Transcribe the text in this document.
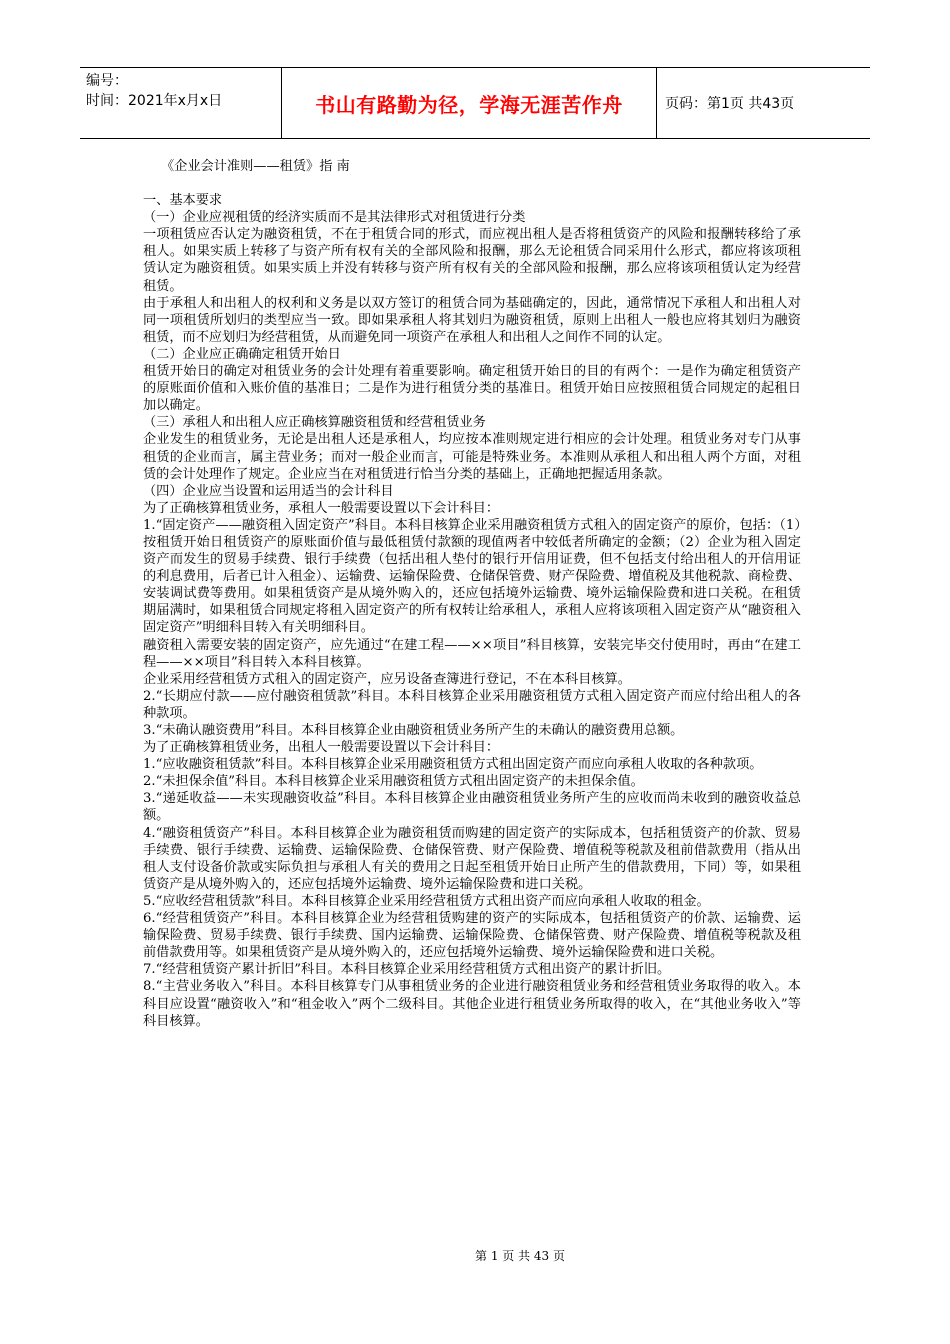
编号：
时间：2021年x月x日	书山有路勤为径，学海无涯苦作舟	页码：第1页 共43页

《企业会计准则——租赁》指 南

一、基本要求

（一）企业应视租赁的经济实质而不是其法律形式对租赁进行分类

一项租赁应否认定为融资租赁，不在于租赁合同的形式，而应视出租人是否将租赁资产的风险和报酬转移给了承租人。如果实质上转移了与资产所有权有关的全部风险和报酬，那么无论租赁合同采用什么形式，都应将该项租赁认定为融资租赁。如果实质上并没有转移与资产所有权有关的全部风险和报酬，那么应将该项租赁认定为经营租赁。

由于承租人和出租人的权利和义务是以双方签订的租赁合同为基础确定的，因此，通常情况下承租人和出租人对同一项租赁所划归的类型应当一致。即如果承租人将其划归为融资租赁，原则上出租人一般也应将其划归为融资租赁，而不应划归为经营租赁，从而避免同一项资产在承租人和出租人之间作不同的认定。

（二）企业应正确确定租赁开始日

租赁开始日的确定对租赁业务的会计处理有着重要影响。确定租赁开始日的目的有两个：一是作为确定租赁资产的原账面价值和入账价值的基准日；二是作为进行租赁分类的基准日。租赁开始日应按照租赁合同规定的起租日加以确定。

（三）承租人和出租人应正确核算融资租赁和经营租赁业务

企业发生的租赁业务，无论是出租人还是承租人，均应按本准则规定进行相应的会计处理。租赁业务对专门从事租赁的企业而言，属主营业务；而对一般企业而言，可能是特殊业务。本准则从承租人和出租人两个方面，对租赁的会计处理作了规定。企业应当在对租赁进行恰当分类的基础上，正确地把握适用条款。

（四）企业应当设置和运用适当的会计科目

为了正确核算租赁业务，承租人一般需要设置以下会计科目：

1.“固定资产——融资租入固定资产”科目。本科目核算企业采用融资租赁方式租入的固定资产的原价，包括：（1）按租赁开始日租赁资产的原账面价值与最低租赁付款额的现值两者中较低者所确定的金额；（2）企业为租入固定资产而发生的贸易手续费、银行手续费（包括出租人垫付的银行开信用证费，但不包括支付给出租人的开信用证的利息费用，后者已计入租金）、运输费、运输保险费、仓储保管费、财产保险费、增值税及其他税款、商检费、安装调试费等费用。如果租赁资产是从境外购入的，还应包括境外运输费、境外运输保险费和进口关税。在租赁期届满时，如果租赁合同规定将租入固定资产的所有权转让给承租人，承租人应将该项租入固定资产从“融资租入固定资产”明细科目转入有关明细科目。

融资租入需要安装的固定资产，应先通过“在建工程——××项目”科目核算，安装完毕交付使用时，再由“在建工程——××项目”科目转入本科目核算。

企业采用经营租赁方式租入的固定资产，应另设备查簿进行登记，不在本科目核算。

2.“长期应付款——应付融资租赁款”科目。本科目核算企业采用融资租赁方式租入固定资产而应付给出租人的各种款项。

3.“未确认融资费用”科目。本科目核算企业由融资租赁业务所产生的未确认的融资费用总额。

为了正确核算租赁业务，出租人一般需要设置以下会计科目：

1.“应收融资租赁款”科目。本科目核算企业采用融资租赁方式租出固定资产而应向承租人收取的各种款项。

2.“未担保余值”科目。本科目核算企业采用融资租赁方式租出固定资产的未担保余值。

3.“递延收益——未实现融资收益”科目。本科目核算企业由融资租赁业务所产生的应收而尚未收到的融资收益总额。

4.“融资租赁资产”科目。本科目核算企业为融资租赁而购建的固定资产的实际成本，包括租赁资产的价款、贸易手续费、银行手续费、运输费、运输保险费、仓储保管费、财产保险费、增值税等税款及租前借款费用（指从出租人支付设备价款或实际负担与承租人有关的费用之日起至租赁开始日止所产生的借款费用，下同）等，如果租赁资产是从境外购入的，还应包括境外运输费、境外运输保险费和进口关税。

5.“应收经营租赁款”科目。本科目核算企业采用经营租赁方式租出资产而应向承租人收取的租金。

6.“经营租赁资产”科目。本科目核算企业为经营租赁购建的资产的实际成本，包括租赁资产的价款、运输费、运输保险费、贸易手续费、银行手续费、国内运输费、运输保险费、仓储保管费、财产保险费、增值税等税款及租前借款费用等。如果租赁资产是从境外购入的，还应包括境外运输费、境外运输保险费和进口关税。

7.“经营租赁资产累计折旧”科目。本科目核算企业采用经营租赁方式租出资产的累计折旧。

8.“主营业务收入”科目。本科目核算专门从事租赁业务的企业进行融资租赁业务和经营租赁业务取得的收入。本科目应设置“融资收入”和“租金收入”两个二级科目。其他企业进行租赁业务所取得的收入，在“其他业务收入”等科目核算。

第 1 页 共 43 页
